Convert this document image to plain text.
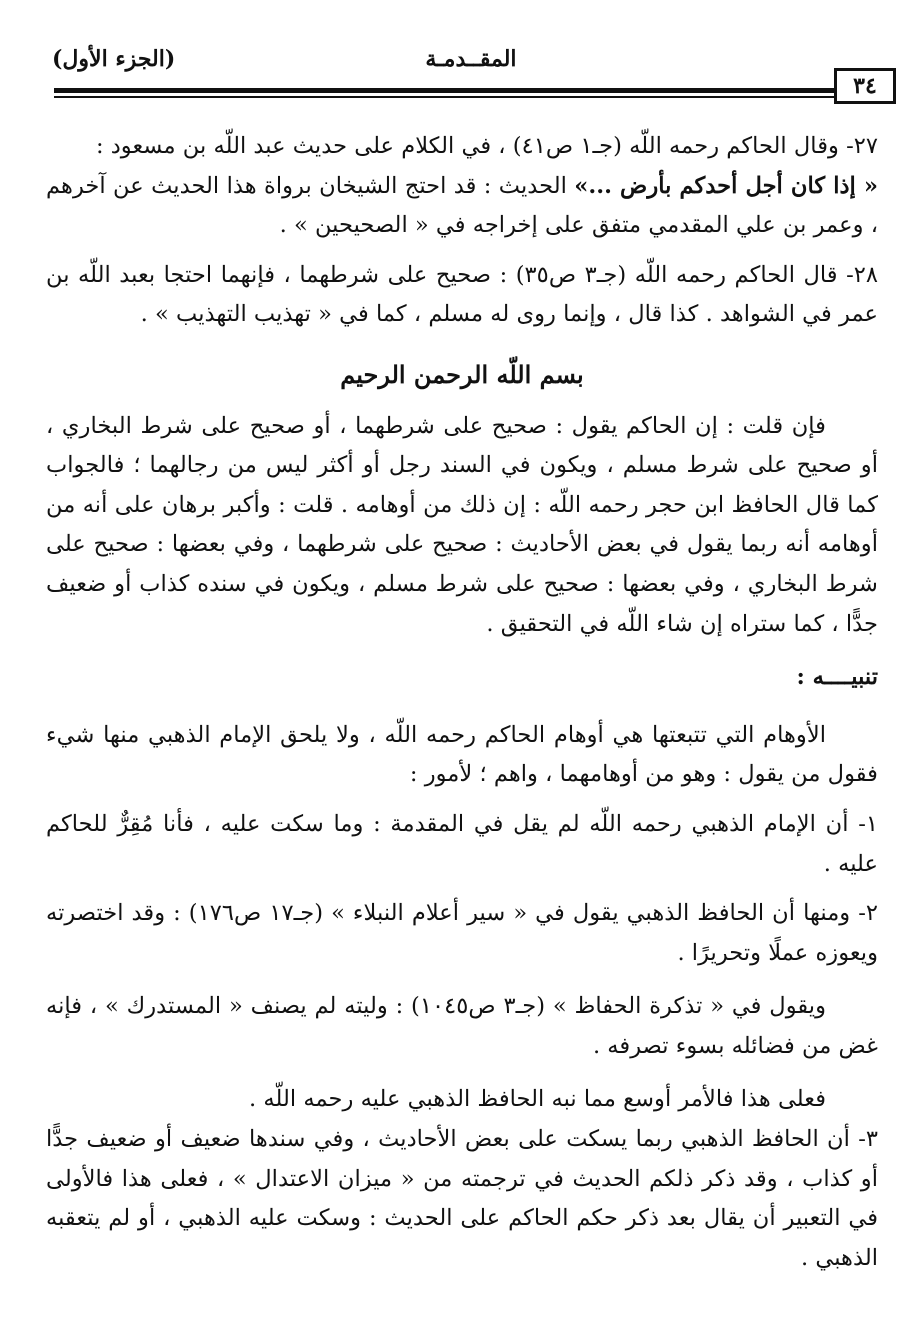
(الجزء الأول)	المقــدمـة
٣٤

٢٧- وقال الحاكم رحمه اللّه (جـ١ ص٤١) ، في الكلام على حديث عبد اللّه بن مسعود :
« إذا كان أجل أحدكم بأرض ...» الحديث : قد احتج الشيخان برواة هذا الحديث عن آخرهم ، وعمر بن علي المقدمي متفق على إخراجه في « الصحيحين » .

٢٨- قال الحاكم رحمه اللّه (جـ٣ ص٣٥) : صحيح على شرطهما ، فإنهما احتجا بعبد اللّه بن عمر في الشواهد . كذا قال ، وإنما روى له مسلم ، كما في « تهذيب التهذيب » .

بسم اللّه الرحمن الرحيم

فإن قلت : إن الحاكم يقول : صحيح على شرطهما ، أو صحيح على شرط البخاري ، أو صحيح على شرط مسلم ، ويكون في السند رجل أو أكثر ليس من رجالهما ؛ فالجواب كما قال الحافظ ابن حجر رحمه اللّه : إن ذلك من أوهامه . قلت : وأكبر برهان على أنه من أوهامه أنه ربما يقول في بعض الأحاديث : صحيح على شرطهما ، وفي بعضها : صحيح على شرط البخاري ، وفي بعضها : صحيح على شرط مسلم ، ويكون في سنده كذاب أو ضعيف جدًّا ، كما ستراه إن شاء اللّه في التحقيق .

تنبيــــه :

الأوهام التي تتبعتها هي أوهام الحاكم رحمه اللّه ، ولا يلحق الإمام الذهبي منها شيء فقول من يقول : وهو من أوهامهما ، واهم ؛ لأمور :

١- أن الإمام الذهبي رحمه اللّه لم يقل في المقدمة : وما سكت عليه ، فأنا مُقِرٌّ للحاكم عليه .

٢- ومنها أن الحافظ الذهبي يقول في « سير أعلام النبلاء » (جـ١٧ ص١٧٦) : وقد اختصرته ويعوزه عملًا وتحريرًا .

ويقول في « تذكرة الحفاظ » (جـ٣ ص١٠٤٥) : وليته لم يصنف « المستدرك » ، فإنه غض من فضائله بسوء تصرفه .

فعلى هذا فالأمر أوسع مما نبه الحافظ الذهبي عليه رحمه اللّه .

٣- أن الحافظ الذهبي ربما يسكت على بعض الأحاديث ، وفي سندها ضعيف أو ضعيف جدًّا أو كذاب ، وقد ذكر ذلكم الحديث في ترجمته من « ميزان الاعتدال » ، فعلى هذا فالأولى في التعبير أن يقال بعد ذكر حكم الحاكم على الحديث : وسكت عليه الذهبي ، أو لم يتعقبه الذهبي .
